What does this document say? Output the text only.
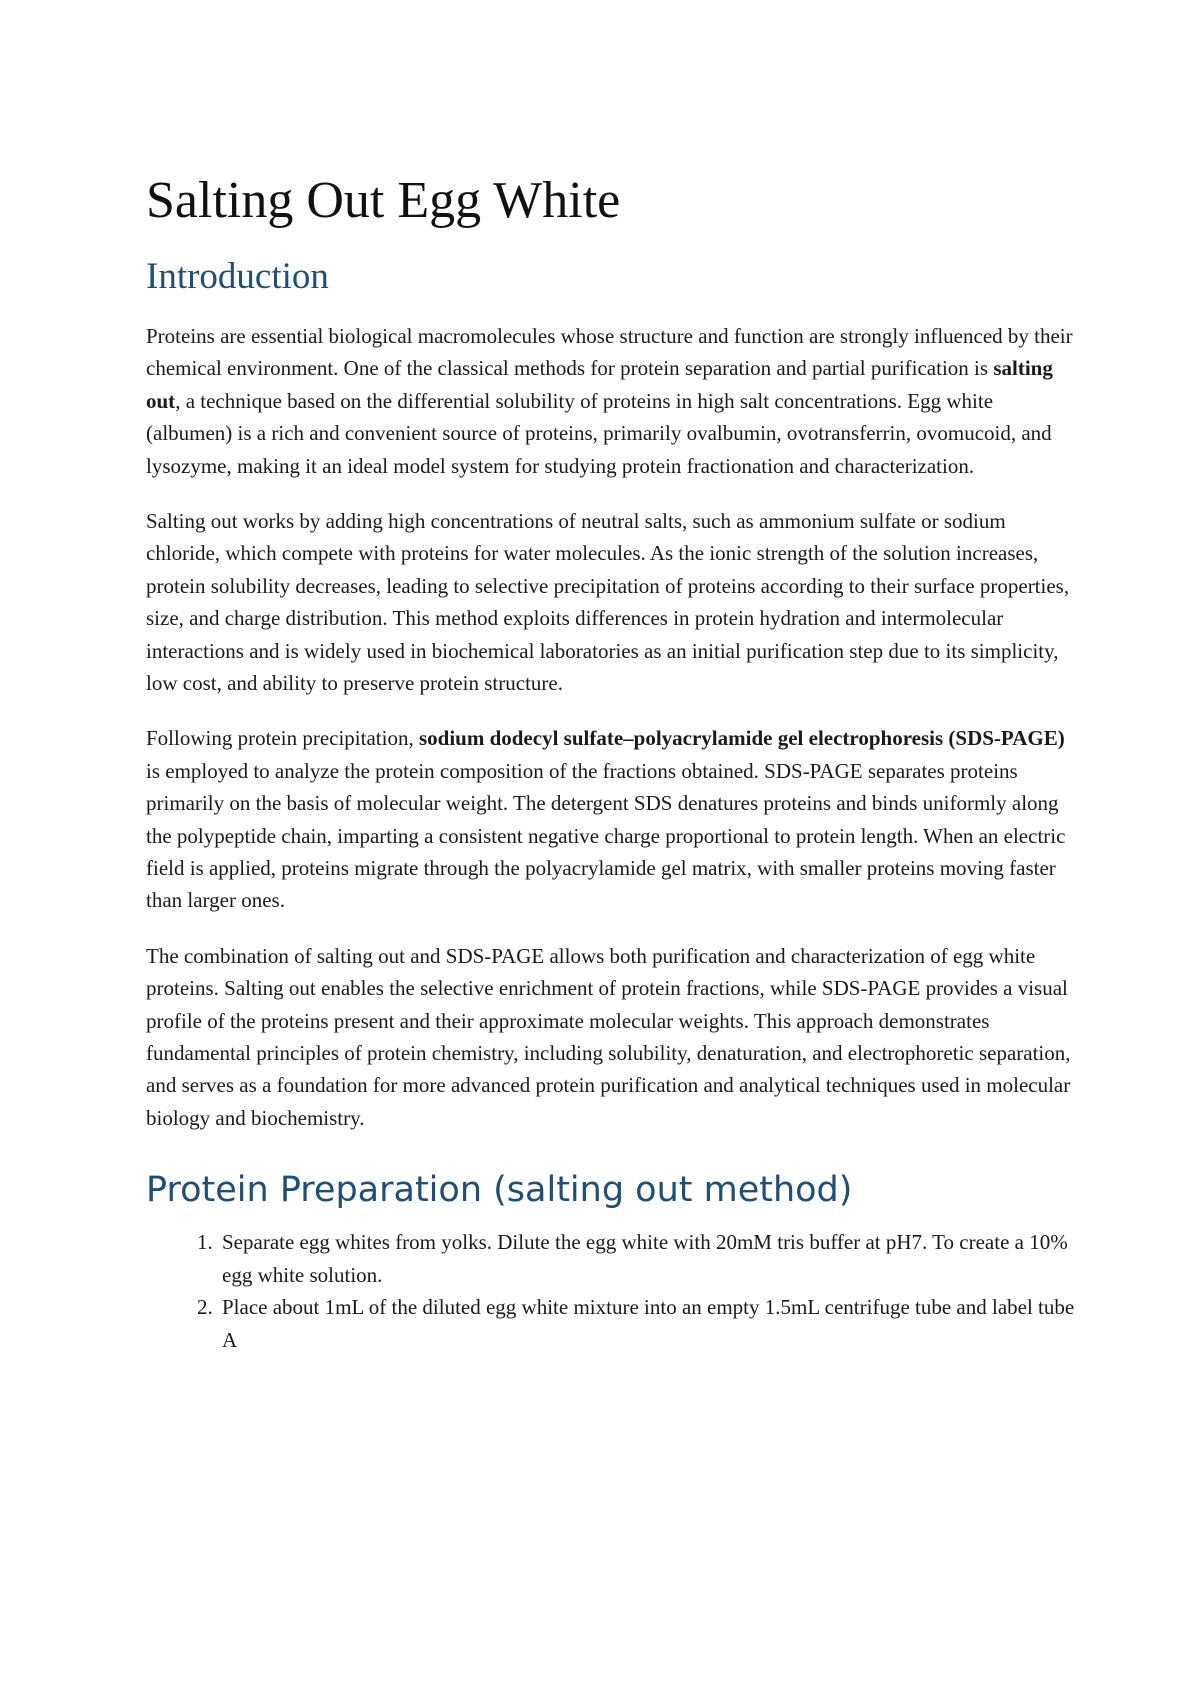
Salting Out Egg White
Introduction

Proteins are essential biological macromolecules whose structure and function are strongly influenced by their chemical environment. One of the classical methods for protein separation and partial purification is salting out, a technique based on the differential solubility of proteins in high salt concentrations. Egg white (albumen) is a rich and convenient source of proteins, primarily ovalbumin, ovotransferrin, ovomucoid, and lysozyme, making it an ideal model system for studying protein fractionation and characterization.

Salting out works by adding high concentrations of neutral salts, such as ammonium sulfate or sodium chloride, which compete with proteins for water molecules. As the ionic strength of the solution increases, protein solubility decreases, leading to selective precipitation of proteins according to their surface properties, size, and charge distribution. This method exploits differences in protein hydration and intermolecular interactions and is widely used in biochemical laboratories as an initial purification step due to its simplicity, low cost, and ability to preserve protein structure.

Following protein precipitation, sodium dodecyl sulfate–polyacrylamide gel electrophoresis (SDS-PAGE) is employed to analyze the protein composition of the fractions obtained. SDS-PAGE separates proteins primarily on the basis of molecular weight. The detergent SDS denatures proteins and binds uniformly along the polypeptide chain, imparting a consistent negative charge proportional to protein length. When an electric field is applied, proteins migrate through the polyacrylamide gel matrix, with smaller proteins moving faster than larger ones.

The combination of salting out and SDS-PAGE allows both purification and characterization of egg white proteins. Salting out enables the selective enrichment of protein fractions, while SDS-PAGE provides a visual profile of the proteins present and their approximate molecular weights. This approach demonstrates fundamental principles of protein chemistry, including solubility, denaturation, and electrophoretic separation, and serves as a foundation for more advanced protein purification and analytical techniques used in molecular biology and biochemistry.

Protein Preparation (salting out method)
1. Separate egg whites from yolks. Dilute the egg white with 20mM tris buffer at pH7. To create a 10% egg white solution.
2. Place about 1mL of the diluted egg white mixture into an empty 1.5mL centrifuge tube and label tube A
